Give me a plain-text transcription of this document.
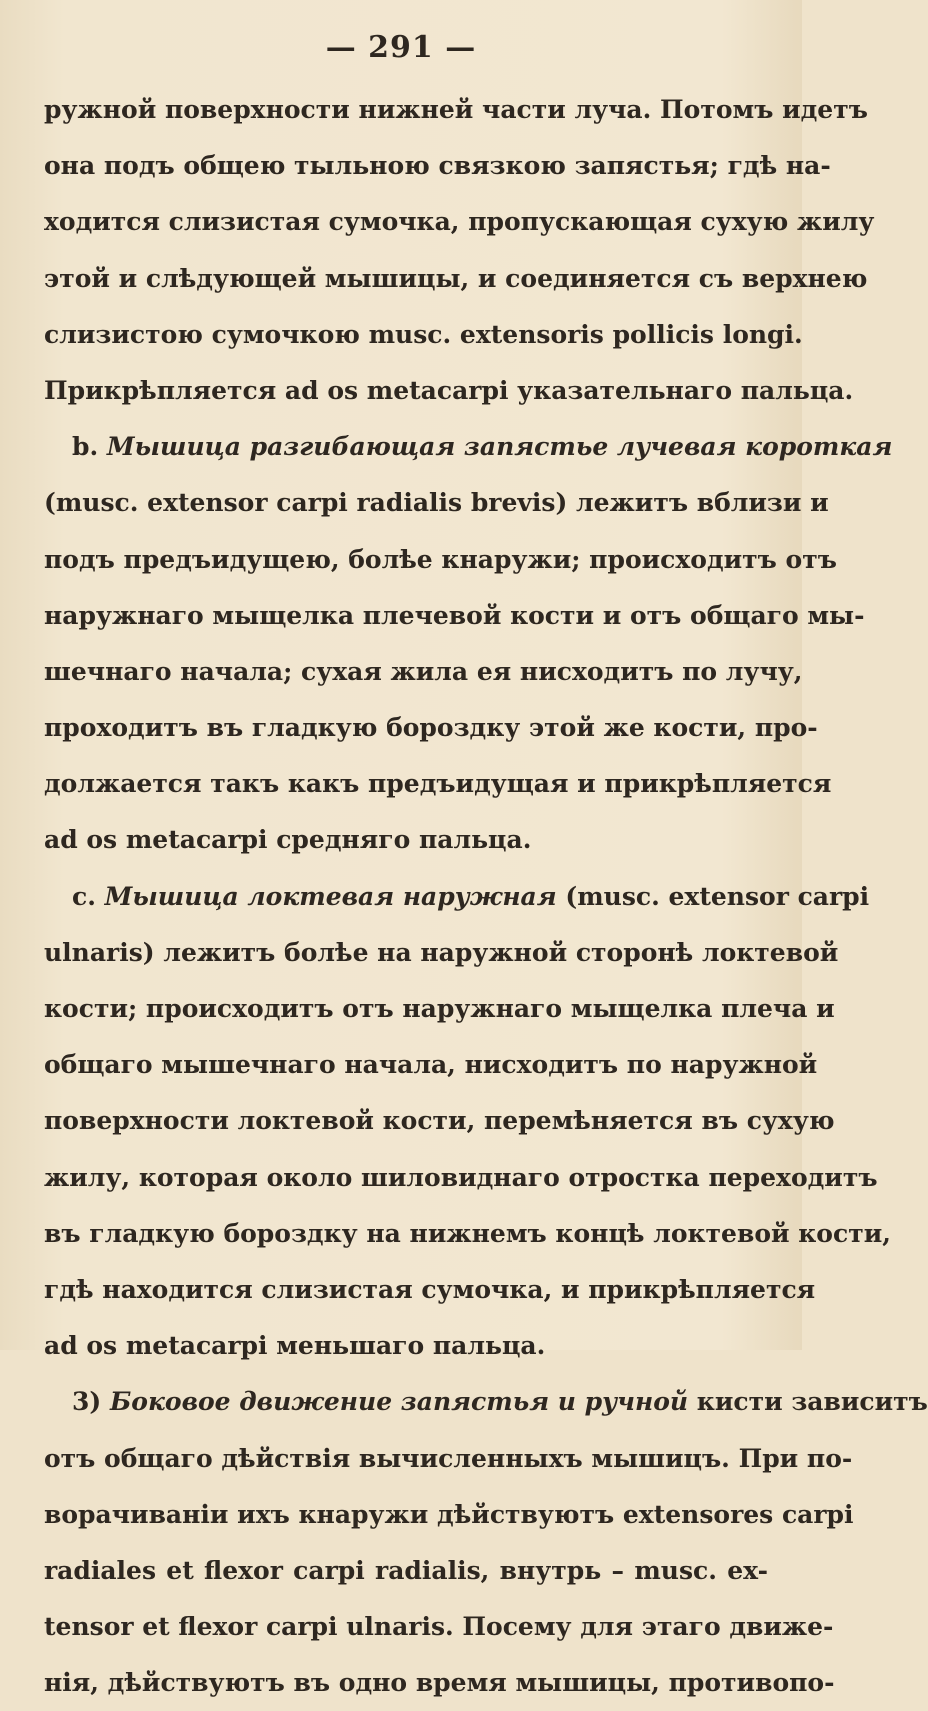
— 291 —
ружной поверхности нижней части луча. Потомъ идетъ
она подъ общею тыльною связкою запястья; гдѣ на-
ходится слизистая сумочка, пропускающая сухую жилу
этой и слѣдующей мышицы, и соединяется съ верхнею
слизистою сумочкою musc. extensoris pollicis longi.
Прикрѣпляется ad os metacarpi указательнаго пальца.
b. Мышица разгибающая запястье лучевая короткая
(musc. extensor carpi radialis brevis) лежитъ вблизи и
подъ предъидущею, болѣе кнаружи; происходитъ отъ
наружнаго мыщелка плечевой кости и отъ общаго мы-
шечнаго начала; сухая жила ея нисходитъ по лучу,
проходитъ въ гладкую бороздку этой же кости, про-
должается такъ какъ предъидущая и прикрѣпляется
ad os metacarpi средняго пальца.
c. Мышица локтевая наружная (musc. extensor carpi
ulnaris) лежитъ болѣе на наружной сторонѣ локтевой
кости; происходитъ отъ наружнаго мыщелка плеча и
общаго мышечнаго начала, нисходитъ по наружной
поверхности локтевой кости, перемѣняется въ сухую
жилу, которая около шиловиднаго отростка переходитъ
въ гладкую бороздку на нижнемъ концѣ локтевой кости,
гдѣ находится слизистая сумочка, и прикрѣпляется
ad os metacarpi меньшаго пальца.
3) Боковое движение запястья и ручной кисти зависитъ
отъ общаго дѣйствія вычисленныхъ мышицъ. При по-
ворачиваніи ихъ кнаружи дѣйствуютъ extensores carpi
radiales et flexor carpi radialis, внутрь – musc. ex-
tensor et flexor carpi ulnaris. Посему для этаго движе-
нія, дѣйствуютъ въ одно время мышицы, противопо-
